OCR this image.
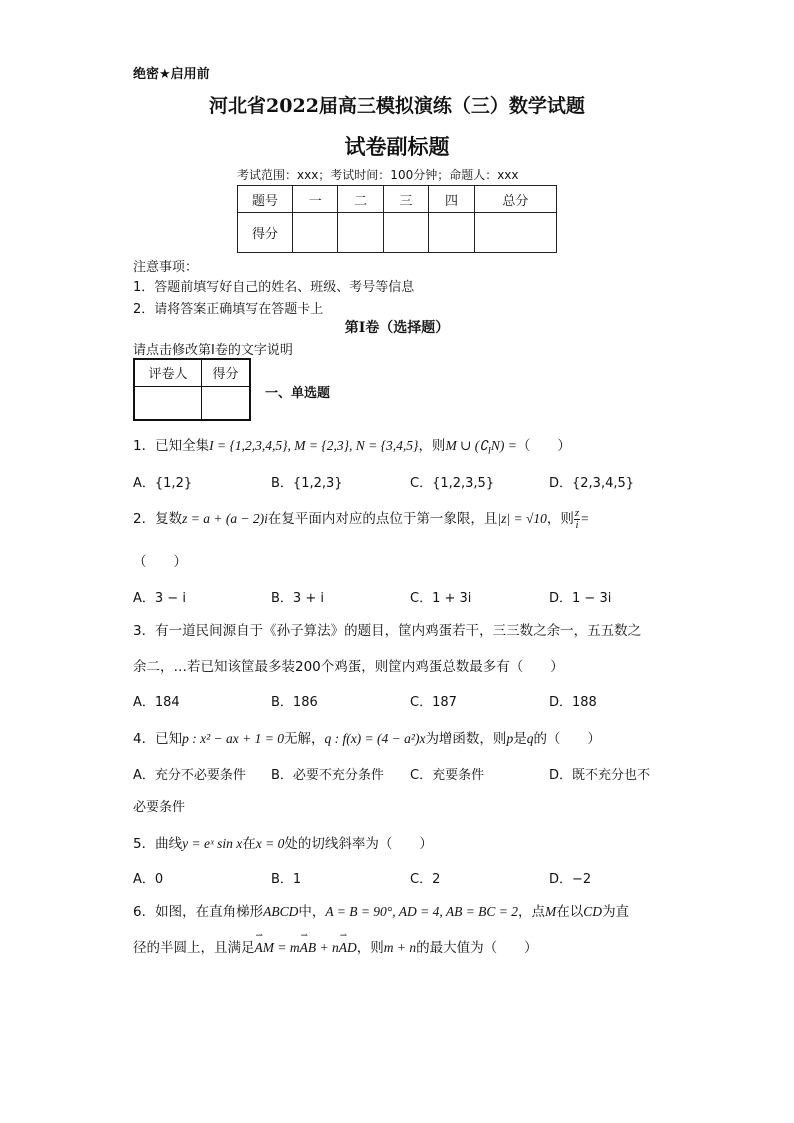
绝密★启用前
河北省2022届高三模拟演练（三）数学试题
试卷副标题
考试范围：xxx；考试时间：100分钟；命题人：xxx
题号	一	二	三	四	总分
得分					
注意事项：
1．答题前填写好自己的姓名、班级、考号等信息
2．请将答案正确填写在答题卡上
第I卷（选择题）
请点击修改第I卷的文字说明
评卷人	得分

一、单选题
1．已知全集I = {1,2,3,4,5}, M = {2,3}, N = {3,4,5}，则M ∪ $(∁_IN)$ =（　　）
A．{1,2}	B．{1,2,3}	C．{1,2,3,5}	D．{2,3,4,5}
2．复数z = a + (a − 2)i在复平面内对应的点位于第一象限，且|z| = √10，则 $\frac{z}{i}$ =
（　　）
A．3 − i	B．3 + i	C．1 + 3i	D．1 − 3i
3．有一道民间源自于《孙子算法》的题目，筐内鸡蛋若干，三三数之余一，五五数之
余二，…若已知该筐最多装200个鸡蛋，则筐内鸡蛋总数最多有（　　）
A．184	B．186	C．187	D．188
4．已知p : x² − ax + 1 = 0无解，q : f(x) = (4 − a²)x为增函数，则p是q的（　　）
A．充分不必要条件 B．必要不充分条件 C．充要条件	D．既不充分也不
必要条件
5．曲线y = eˣ sin x在x = 0处的切线斜率为（　　）
A．0	B．1	C．2	D．−2
6．如图，在直角梯形ABCD中，A = B = 90°, AD = 4, AB = BC = 2，点M在以CD为直
径的半圆上，且满足⇀ AM = m⇀ AB + n⇀ AD，则m + n的最大值为（　　）
